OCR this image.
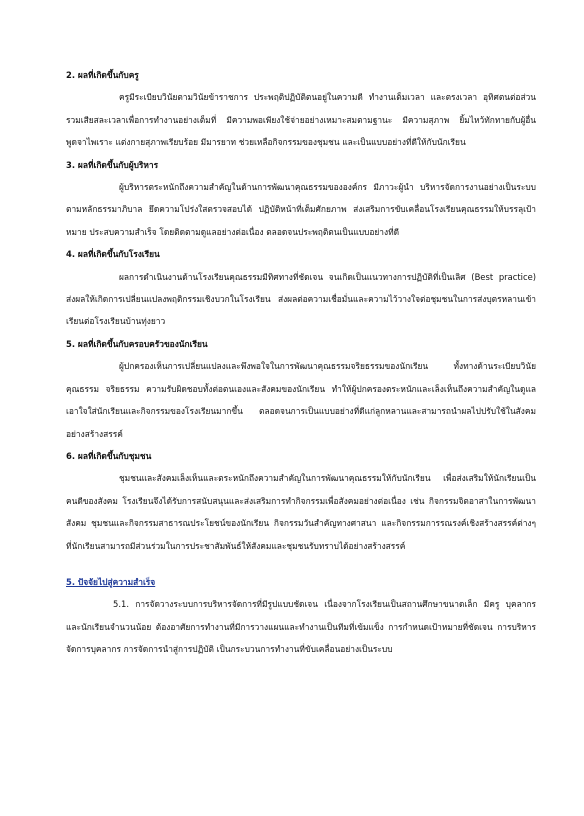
2. ผลที่เกิดขึ้นกับครู

ครูมีระเบียบวินัยตามวินัยข้าราชการ ประพฤติปฏิบัติตนอยู่ในความดี ทำงานเต็มเวลา และตรงเวลา อุทิศตนต่อส่วนรวมเสียสละเวลาเพื่อการทำงานอย่างเต็มที่ มีความพอเพียงใช้จ่ายอย่างเหมาะสมตามฐานะ มีความสุภาพ ยิ้มไหว้ทักทายกับผู้อื่น พูดจาไพเราะ แต่งกายสุภาพเรียบร้อย มีมารยาท ช่วยเหลือกิจกรรมของชุมชน และเป็นแบบอย่างที่ดีให้กับนักเรียน

3. ผลที่เกิดขึ้นกับผู้บริหาร

ผู้บริหารตระหนักถึงความสำคัญในด้านการพัฒนาคุณธรรมขององค์กร มีภาวะผู้นำ บริหารจัดการงานอย่างเป็นระบบตามหลักธรรมาภิบาล ยึดความโปร่งใสตรวจสอบได้ ปฏิบัติหน้าที่เต็มศักยภาพ ส่งเสริมการขับเคลื่อนโรงเรียนคุณธรรมให้บรรลุเป้าหมาย ประสบความสำเร็จ โดยติดตามดูแลอย่างต่อเนื่อง ตลอดจนประพฤติตนเป็นแบบอย่างที่ดี

4. ผลที่เกิดขึ้นกับโรงเรียน

ผลการดำเนินงานด้านโรงเรียนคุณธรรมมีทิศทางที่ชัดเจน จนเกิดเป็นแนวทางการปฏิบัติที่เป็นเลิศ (Best practice) ส่งผลให้เกิดการเปลี่ยนแปลงพฤติกรรมเชิงบวกในโรงเรียน ส่งผลต่อความเชื่อมั่นและความไว้วางใจต่อชุมชนในการส่งบุตรหลานเข้าเรียนต่อโรงเรียนบ้านทุ่งยาว

5. ผลที่เกิดขึ้นกับครอบครัวของนักเรียน

ผู้ปกครองเห็นการเปลี่ยนแปลงและพึงพอใจในการพัฒนาคุณธรรมจริยธรรมของนักเรียน ทั้งทางด้านระเบียบวินัย คุณธรรม จริยธรรม ความรับผิดชอบทั้งต่อตนเองและสังคมของนักเรียน ทำให้ผู้ปกครองตระหนักและเล็งเห็นถึงความสำคัญในดูแลเอาใจใส่นักเรียนและกิจกรรมของโรงเรียนมากขึ้น ตลอดจนการเป็นแบบอย่างที่ดีแก่ลูกหลานและสามารถนำผลไปปรับใช้ในสังคมอย่างสร้างสรรค์

6. ผลที่เกิดขึ้นกับชุมชน

ชุมชนและสังคมเล็งเห็นและตระหนักถึงความสำคัญในการพัฒนาคุณธรรมให้กับนักเรียน เพื่อส่งเสริมให้นักเรียนเป็นคนดีของสังคม โรงเรียนจึงได้รับการสนับสนุนและส่งเสริมการทำกิจกรรมเพื่อสังคมอย่างต่อเนื่อง เช่น กิจกรรมจิตอาสาในการพัฒนาสังคม ชุมชนและกิจกรรมสาธารณประโยชน์ของนักเรียน กิจกรรมวันสำคัญทางศาสนา และกิจกรรมการรณรงค์เชิงสร้างสรรค์ต่างๆ ที่นักเรียนสามารถมีส่วนร่วมในการประชาสัมพันธ์ให้สังคมและชุมชนรับทราบได้อย่างสร้างสรรค์

5. ปัจจัยไปสู่ความสำเร็จ

5.1. การจัดวางระบบการบริหารจัดการที่มีรูปแบบชัดเจน เนื่องจากโรงเรียนเป็นสถานศึกษาขนาดเล็ก มีครู บุคลากรและนักเรียนจำนวนน้อย ต้องอาศัยการทำงานที่มีการวางแผนและทำงานเป็นทีมที่เข้มแข็ง การกำหนดเป้าหมายที่ชัดเจน การบริหารจัดการบุคลากร การจัดการนำสู่การปฏิบัติ เป็นกระบวนการทำงานที่ขับเคลื่อนอย่างเป็นระบบ
